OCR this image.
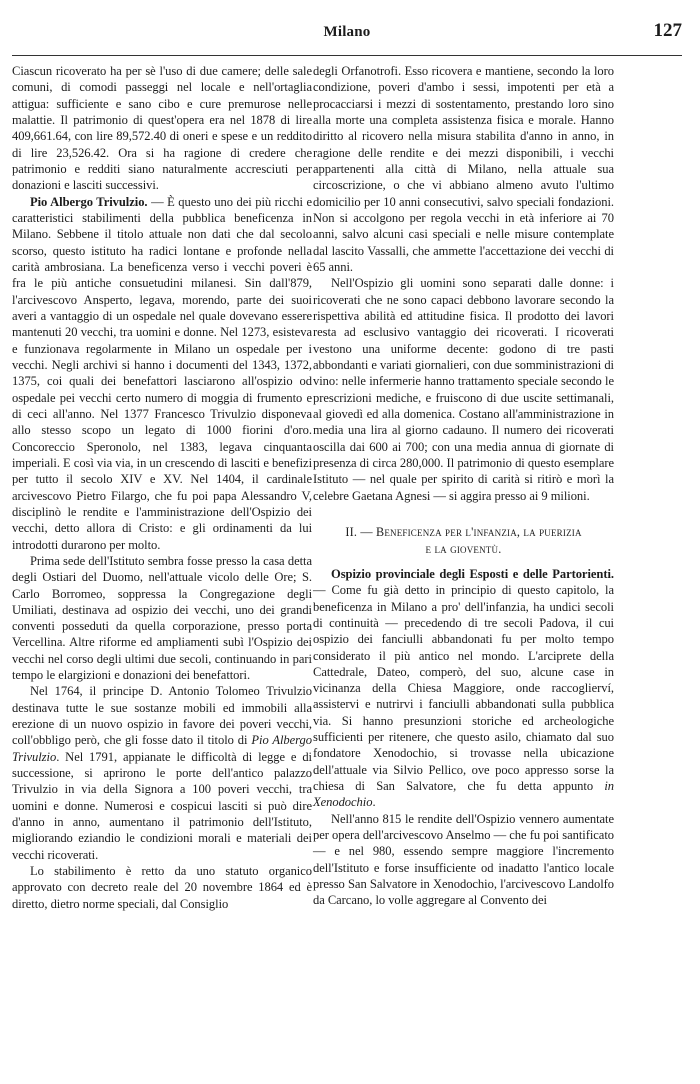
Milano	127

Ciascun ricoverato ha per sè l'uso di due camere; delle sale comuni, di comodi passeggi nel locale e nell'ortaglia attigua: sufficiente e sano cibo e cure premurose nelle malattie. Il patrimonio di quest'opera era nel 1878 di lire 409,661.64, con lire 89,572.40 di oneri e spese e un reddito di lire 23,526.42. Ora si ha ragione di credere che patrimonio e redditi siano naturalmente accresciuti per donazioni e lasciti successivi.

Pio Albergo Trivulzio. — È questo uno dei più ricchi e caratteristici stabilimenti della pubblica beneficenza in Milano. Sebbene il titolo attuale non dati che dal secolo scorso, questo istituto ha radici lontane e profonde nella carità ambrosiana. La beneficenza verso i vecchi poveri è fra le più antiche consuetudini milanesi. Sin dall'879, l'arcivescovo Ansperto, legava, morendo, parte dei suoi averi a vantaggio di un ospedale nel quale dovevano essere mantenuti 20 vecchi, tra uomini e donne. Nel 1273, esisteva e funzionava regolarmente in Milano un ospedale per i vecchi. Negli archivi si hanno i documenti del 1343, 1372, 1375, coi quali dei benefattori lasciarono all'ospizio od ospedale pei vecchi certo numero di moggia di frumento e di ceci all'anno. Nel 1377 Francesco Trivulzio disponeva allo stesso scopo un legato di 1000 fiorini d'oro. Concoreccio Speronolo, nel 1383, legava cinquanta imperiali. E così via via, in un crescendo di lasciti e benefizi per tutto il secolo XIV e XV. Nel 1404, il cardinale arcivescovo Pietro Filargo, che fu poi papa Alessandro V, disciplinò le rendite e l'amministrazione dell'Ospizio dei vecchi, detto allora di Cristo: e gli ordinamenti da lui introdotti durarono per molto.

Prima sede dell'Istituto sembra fosse presso la casa detta degli Ostiari del Duomo, nell'attuale vicolo delle Ore; S. Carlo Borromeo, soppressa la Congregazione degli Umiliati, destinava ad ospizio dei vecchi, uno dei grandi conventi posseduti da quella corporazione, presso porta Vercellina. Altre riforme ed ampliamenti subì l'Ospizio dei vecchi nel corso degli ultimi due secoli, continuando in pari tempo le elargizioni e donazioni dei benefattori.

Nel 1764, il principe D. Antonio Tolomeo Trivulzio destinava tutte le sue sostanze mobili ed immobili alla erezione di un nuovo ospizio in favore dei poveri vecchi, coll'obbligo però, che gli fosse dato il titolo di Pio Albergo Trivulzio. Nel 1791, appianate le difficoltà di legge e di successione, si aprirono le porte dell'antico palazzo Trivulzio in via della Signora a 100 poveri vecchi, tra uomini e donne. Numerosi e cospicui lasciti si può dire d'anno in anno, aumentano il patrimonio dell'Istituto, migliorando eziandio le condizioni morali e materiali dei vecchi ricoverati.

Lo stabilimento è retto da uno statuto organico approvato con decreto reale del 20 novembre 1864 ed è diretto, dietro norme speciali, dal Consiglio

degli Orfanotrofi. Esso ricovera e mantiene, secondo la loro condizione, poveri d'ambo i sessi, impotenti per età a procacciarsi i mezzi di sostentamento, prestando loro sino alla morte una completa assistenza fisica e morale. Hanno diritto al ricovero nella misura stabilita d'anno in anno, in ragione delle rendite e dei mezzi disponibili, i vecchi appartenenti alla città di Milano, nella attuale sua circoscrizione, o che vi abbiano almeno avuto l'ultimo domicilio per 10 anni consecutivi, salvo speciali fondazioni. Non si accolgono per regola vecchi in età inferiore ai 70 anni, salvo alcuni casi speciali e nelle misure contemplate dal lascito Vassalli, che ammette l'accettazione dei vecchi di 65 anni.

Nell'Ospizio gli uomini sono separati dalle donne: i ricoverati che ne sono capaci debbono lavorare secondo la rispettiva abilità ed attitudine fisica. Il prodotto dei lavori resta ad esclusivo vantaggio dei ricoverati. I ricoverati vestono una uniforme decente: godono di tre pasti abbondanti e variati giornalieri, con due somministrazioni di vino: nelle infermerie hanno trattamento speciale secondo le prescrizioni mediche, e fruiscono di due uscite settimanali, al giovedì ed alla domenica. Costano all'amministrazione in media una lira al giorno cadauno. Il numero dei ricoverati oscilla dai 600 ai 700; con una media annua di giornate di presenza di circa 280,000. Il patrimonio di questo esemplare Istituto — nel quale per spirito di carità si ritirò e morì la celebre Gaetana Agnesi — si aggira presso ai 9 milioni.

II. — Beneficenza per l'infanzia, la puerizia
e la gioventù.

Ospizio provinciale degli Esposti e delle Partorienti. — Come fu già detto in principio di questo capitolo, la beneficenza in Milano a pro' dell'infanzia, ha undici secoli di continuità — precedendo di tre secoli Padova, il cui ospizio dei fanciulli abbandonati fu per molto tempo considerato il più antico nel mondo. L'arciprete della Cattedrale, Dateo, comperò, del suo, alcune case in vicinanza della Chiesa Maggiore, onde raccoglierví, assistervi e nutrirvi i fanciulli abbandonati sulla pubblica via. Si hanno presunzioni storiche ed archeologiche sufficienti per ritenere, che questo asilo, chiamato dal suo fondatore Xenodochio, si trovasse nella ubicazione dell'attuale via Silvio Pellico, ove poco appresso sorse la chiesa di San Salvatore, che fu detta appunto in Xenodochio.

Nell'anno 815 le rendite dell'Ospizio vennero aumentate per opera dell'arcivescovo Anselmo — che fu poi santificato — e nel 980, essendo sempre maggiore l'incremento dell'Istituto e forse insufficiente od inadatto l'antico locale presso San Salvatore in Xenodochio, l'arcivescovo Landolfo da Carcano, lo volle aggregare al Convento dei
